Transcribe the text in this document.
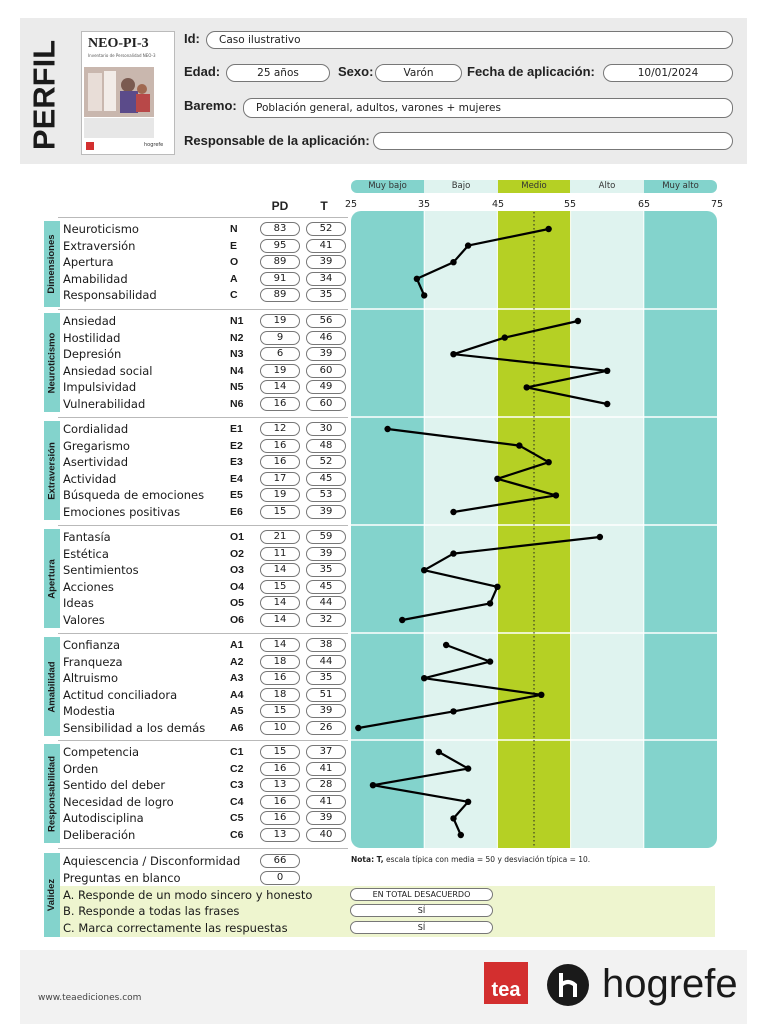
PERFIL NEO-PI-3
Inventario de Personalidad NEO-3
hogrefe
Id:	Caso ilustrativo
Edad:	25 años	Sexo:	Varón	Fecha de aplicación:	10/01/2024
Baremo:	Población general, adultos, varones + mujeres
Responsable de la aplicación:
Muy bajo	Bajo	Medio	Alto	Muy alto
25	35	45	55	65	75
PD	T
Dimensiones
Neuroticismo	N	83	52
Extraversión	E	95	41
Apertura	O	89	39
Amabilidad	A	91	34
Responsabilidad	C	89	35
Neuroticismo
Ansiedad	N1	19	56
Hostilidad	N2	9	46
Depresión	N3	6	39
Ansiedad social	N4	19	60
Impulsividad	N5	14	49
Vulnerabilidad	N6	16	60
Extraversión
Cordialidad	E1	12	30
Gregarismo	E2	16	48
Asertividad	E3	16	52
Actividad	E4	17	45
Búsqueda de emociones E5	19	53
Emociones positivas	E6	15	39
Apertura
Fantasía	O1	21	59
Estética	O2	11	39
Sentimientos	O3	14	35
Acciones	O4	15	45
Ideas	O5	14	44
Valores	O6	14	32
Amabilidad
Confianza	A1	14	38
Franqueza	A2	18	44
Altruismo	A3	16	35
Actitud conciliadora	A4	18	51
Modestia	A5	15	39
Sensibilidad a los demás A6	10	26
Responsabilidad
Competencia	C1	15	37
Orden	C2	16	41
Sentido del deber	C3	13	28
Necesidad de logro	C4	16	41
Autodisciplina	C5	16	39
Deliberación	C6	13	40
Validez
Aquiescencia / Disconformidad	66
Preguntas en blanco	0
Nota: T, escala típica con media = 50 y desviación típica = 10.
A. Responde de un modo sincero y honesto	EN TOTAL DESACUERDO
B. Responde a todas las frases	SÍ
C. Marca correctamente las respuestas	SÍ
www.teaediciones.com	tea hogrefe
